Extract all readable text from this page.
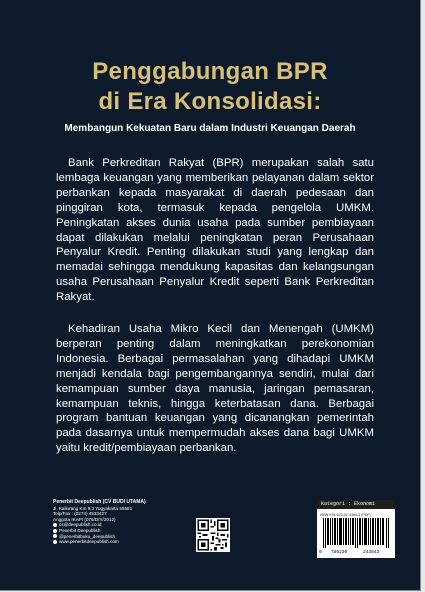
Penggabungan BPR
di Era Konsolidasi:
Membangun Kekuatan Baru dalam Industri Keuangan Daerah

Bank Perkreditan Rakyat (BPR) merupakan salah satu lembaga keuangan yang memberikan pelayanan dalam sektor perbankan kepada masyarakat di daerah pedesaan dan pinggiran kota, termasuk kepada pengelola UMKM. Peningkatan akses dunia usaha pada sumber pembiayaan dapat dilakukan melalui peningkatan peran Perusahaan Penyalur Kredit. Penting dilakukan studi yang lengkap dan memadai sehingga mendukung kapasitas dan kelangsungan usaha Perusahaan Penyalur Kredit seperti Bank Perkreditan Rakyat.

Kehadiran Usaha Mikro Kecil dan Menengah (UMKM) berperan penting dalam meningkatkan perekonomian Indonesia. Berbagai permasalahan yang dihadapi UMKM menjadi kendala bagi pengembangannya sendiri, mulai dari kemampuan sumber daya manusia, jaringan pemasaran, kemampuan teknis, hingga keterbatasan dana. Berbagai program bantuan keuangan yang dicanangkan pemerintah pada dasarnya untuk mempermudah akses dana bagi UMKM yaitu kredit/pembiayaan perbankan.

Penerbit Deepublish (CV BUDI UTAMA)
Jl. Kaliurang Km 9,3 Yogyakarta 55581
Telp/Fax : (0274) 4533427
Anggota IKAPI (076/DIY/2012)
cs@deepublish.co.id
Penerbit Deepublish
@penerbitbuku_deepublish
www.penerbitdeepublish.com
Kategori : Ekonomi
ISBN 978-623-02-4384-3 (PDF)
9 786230	243843
